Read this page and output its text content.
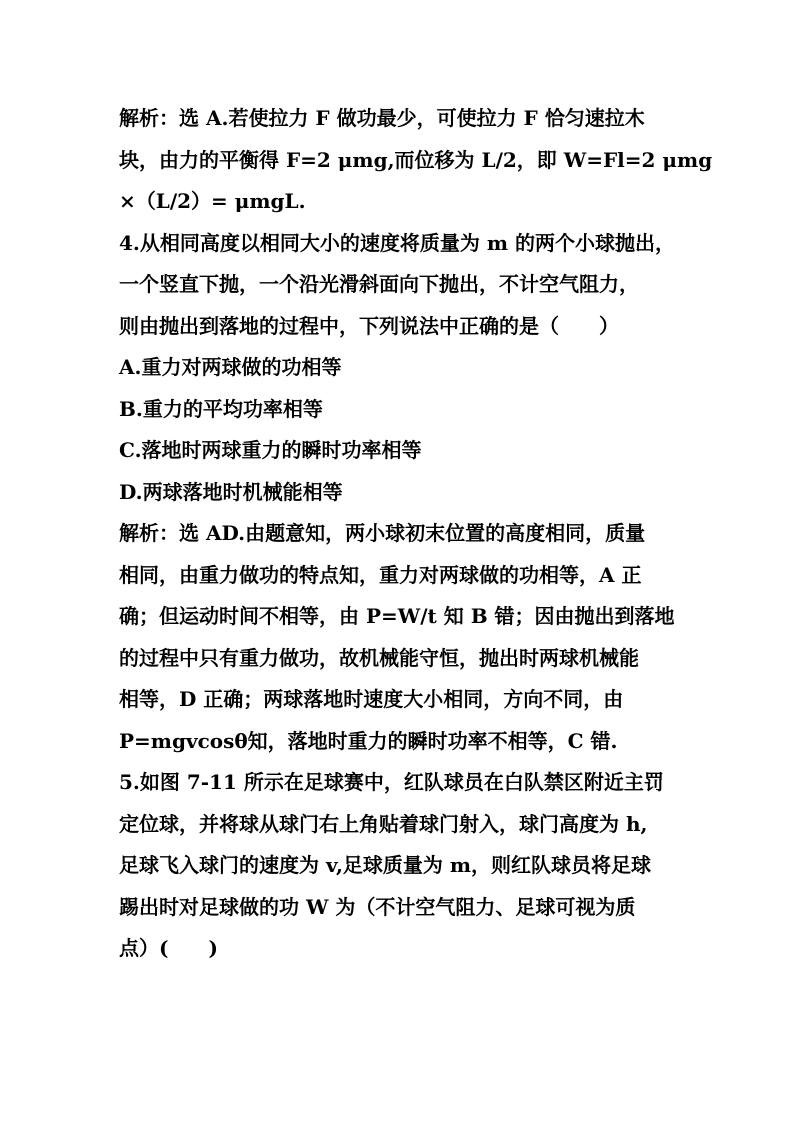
解析：选 A.若使拉力 F 做功最少，可使拉力 F 恰匀速拉木
块，由力的平衡得 F=2 μmg,而位移为 L/2，即 W=Fl=2 μmg
×（L/2）= μmgL.
4.从相同高度以相同大小的速度将质量为 m 的两个小球抛出，
一个竖直下抛，一个沿光滑斜面向下抛出，不计空气阻力，
则由抛出到落地的过程中，下列说法中正确的是（　　）
A.重力对两球做的功相等
B.重力的平均功率相等
C.落地时两球重力的瞬时功率相等
D.两球落地时机械能相等
解析：选 AD.由题意知，两小球初末位置的高度相同，质量
相同，由重力做功的特点知，重力对两球做的功相等，A 正
确；但运动时间不相等，由 P=W/t 知 B 错；因由抛出到落地
的过程中只有重力做功，故机械能守恒，抛出时两球机械能
相等，D 正确；两球落地时速度大小相同，方向不同，由
P=mgvcosθ知，落地时重力的瞬时功率不相等，C 错.
5.如图 7-11 所示在足球赛中，红队球员在白队禁区附近主罚
定位球，并将球从球门右上角贴着球门射入，球门高度为 h,
足球飞入球门的速度为 v,足球质量为 m，则红队球员将足球
踢出时对足球做的功 W 为（不计空气阻力、足球可视为质
点）(　　)
